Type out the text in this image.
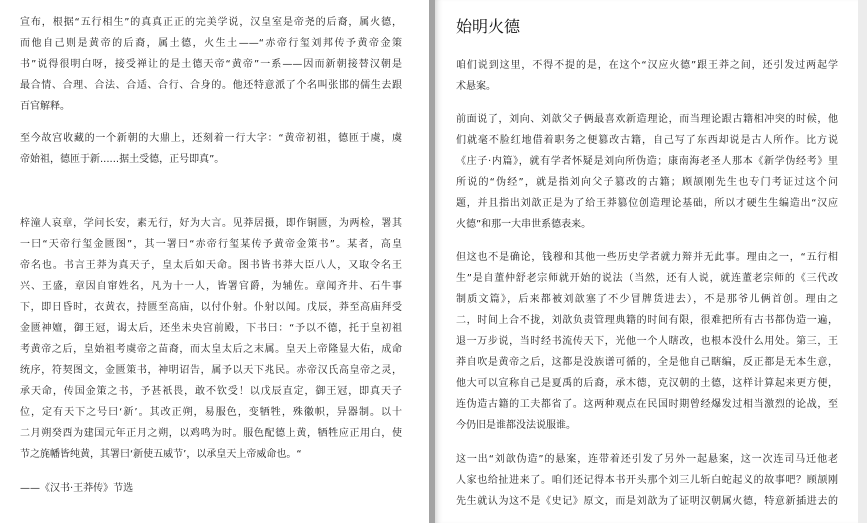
宣布，根据“五行相生”的真真正正的完美学说，汉皇室是帝尧的后裔，属火德，
而他自己则是黄帝的后裔，属土德，火生土——“赤帝行玺刘邦传予黄帝金策
书”说得很明白呀，接受禅让的是土德天帝“黄帝”一系——因而新朝接替汉朝是
最合情、合理、合法、合适、合行、合身的。他还特意派了个名叫张邯的儒生去跟
百官解释。
至今故宫收藏的一个新朝的大鼎上，还刻着一行大字：“黄帝初祖，德匝于虞，虞
帝始祖，德匝于新......据土受德，正号即真”。
梓潼人哀章，学问长安，素无行，好为大言。见莽居摄，即作铜匮，为两检，署其
一曰“天帝行玺金匮图”，其一署曰“赤帝行玺某传予黄帝金策书”。某者，高皇
帝名也。书言王莽为真天子，皇太后如天命。图书皆书莽大臣八人，又取令名王
兴、王盛，章因自窜姓名，凡为十一人，皆署官爵，为辅佐。章闻齐井、石牛事
下，即日昏时，衣黄衣，持匮至高庙，以付仆射。仆射以闻。戊辰，莽至高庙拜受
金匮神嬗，御王冠，谒太后，还坐未央宫前殿，下书曰：“予以不德，托于皇初祖
考黄帝之后，皇始祖考虞帝之苗裔，而太皇太后之末属。皇天上帝隆显大佑，成命
统序，符契图文，金匮策书，神明诏告，属予以天下兆民。赤帝汉氏高皇帝之灵，
承天命，传国金策之书，予甚祇畏，敢不钦受！以戊辰直定，御王冠，即真天子
位，定有天下之号曰‘新’。其改正朔，易服色，变牺牲，殊徽帜，异器制。以十
二月朔癸酉为建国元年正月之朔，以鸡鸣为时。服色配德上黄，牺牲应正用白，使
节之旄幡皆纯黄，其署曰‘新使五威节’，以承皇天上帝威命也。“
——《汉书·王莽传》节选
始明火德
咱们说到这里，不得不提的是，在这个“汉应火德”跟王莽之间，还引发过两起学
术悬案。
前面说了，刘向、刘歆父子俩最喜欢新造理论，而当理论跟古籍相冲突的时候，他
们就毫不脸红地借着职务之便篡改古籍，自己写了东西却说是古人所作。比方说
《庄子·内篇》，就有学者怀疑是刘向所伪造；康南海老圣人那本《新学伪经考》里
所说的“伪经”，就是指刘向父子篡改的古籍；顾颉刚先生也专门考证过这个问
题，并且指出刘歆正是为了给王莽篡位创造理论基础，所以才硬生生编造出“汉应
火德”和那一大串世系德表来。
但这也不是确论，钱穆和其他一些历史学者就力辩并无此事。理由之一，“五行相
生”是自董仲舒老宗师就开始的说法（当然，还有人说，就连董老宗师的《三代改
制质文篇》，后来都被刘歆塞了不少冒牌货进去），不是那爷儿俩首创。理由之
二，时间上合不拢，刘歆负责管理典籍的时间有限，很难把所有古书都伪造一遍，
退一万步说，当时经书流传天下，光他一个人瞎改，也根本没什么用处。第三，王
莽自吹是黄帝之后，这都是没族谱可循的，全是他自己瞎编，反正都是无本生意，
他大可以宣称自己是夏禹的后裔，承木德，克汉朝的土德，这样计算起来更方便，
连伪造古籍的工夫都省了。这两种观点在民国时期曾经爆发过相当激烈的论战，至
今仍旧是谁都没法说服谁。
这一出“刘歆伪造”的悬案，连带着还引发了另外一起悬案，这一次连司马迁他老
人家也给扯进来了。咱们还记得本书开头那个刘三儿斩白蛇起义的故事吧？顾颉刚
先生就认为这不是《史记》原文，而是刘歆为了证明汉朝属火德，特意新插进去的
